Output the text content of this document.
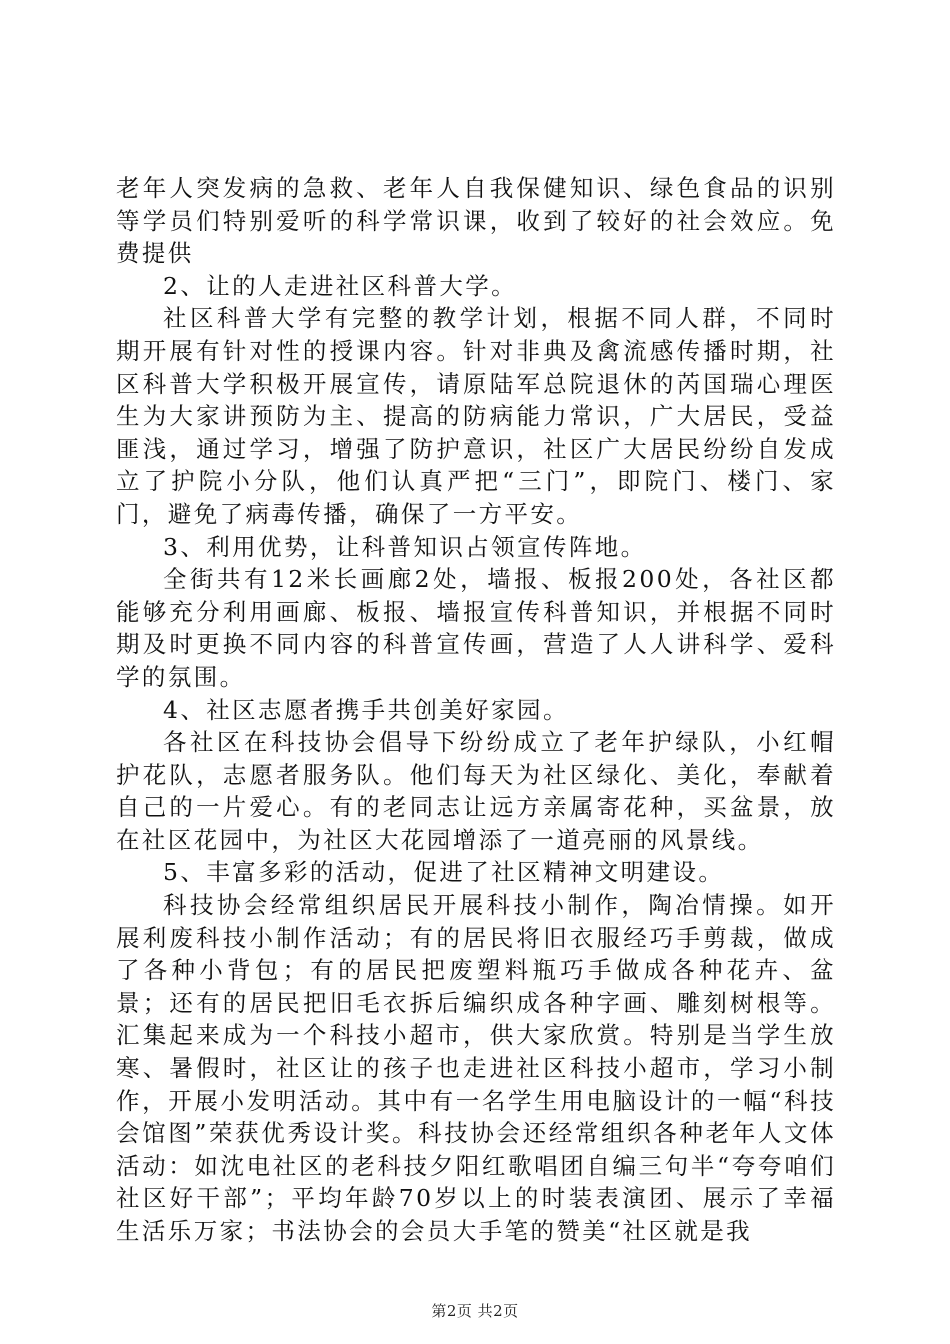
老年人突发病的急救、老年人自我保健知识、绿色食品的识别等学员们特别爱听的科学常识课，收到了较好的社会效应。免费提供

2、让的人走进社区科普大学。

社区科普大学有完整的教学计划，根据不同人群，不同时期开展有针对性的授课内容。针对非典及禽流感传播时期，社区科普大学积极开展宣传，请原陆军总院退休的芮国瑞心理医生为大家讲预防为主、提高的防病能力常识，广大居民，受益匪浅，通过学习，增强了防护意识，社区广大居民纷纷自发成立了护院小分队，他们认真严把“三门”，即院门、楼门、家门，避免了病毒传播，确保了一方平安。

3、利用优势，让科普知识占领宣传阵地。

全街共有12米长画廊2处，墙报、板报200处，各社区都能够充分利用画廊、板报、墙报宣传科普知识，并根据不同时期及时更换不同内容的科普宣传画，营造了人人讲科学、爱科学的氛围。

4、社区志愿者携手共创美好家园。

各社区在科技协会倡导下纷纷成立了老年护绿队，小红帽护花队，志愿者服务队。他们每天为社区绿化、美化，奉献着自己的一片爱心。有的老同志让远方亲属寄花种，买盆景，放在社区花园中，为社区大花园增添了一道亮丽的风景线。

5、丰富多彩的活动，促进了社区精神文明建设。

科技协会经常组织居民开展科技小制作，陶冶情操。如开展利废科技小制作活动；有的居民将旧衣服经巧手剪裁，做成了各种小背包；有的居民把废塑料瓶巧手做成各种花卉、盆景；还有的居民把旧毛衣拆后编织成各种字画、雕刻树根等。汇集起来成为一个科技小超市，供大家欣赏。特别是当学生放寒、暑假时，社区让的孩子也走进社区科技小超市，学习小制作，开展小发明活动。其中有一名学生用电脑设计的一幅“科技会馆图”荣获优秀设计奖。科技协会还经常组织各种老年人文体活动：如沈电社区的老科技夕阳红歌唱团自编三句半“夸夸咱们社区好干部”；平均年龄70岁以上的时装表演团、展示了幸福生活乐万家；书法协会的会员大手笔的赞美“社区就是我

第2页 共2页
